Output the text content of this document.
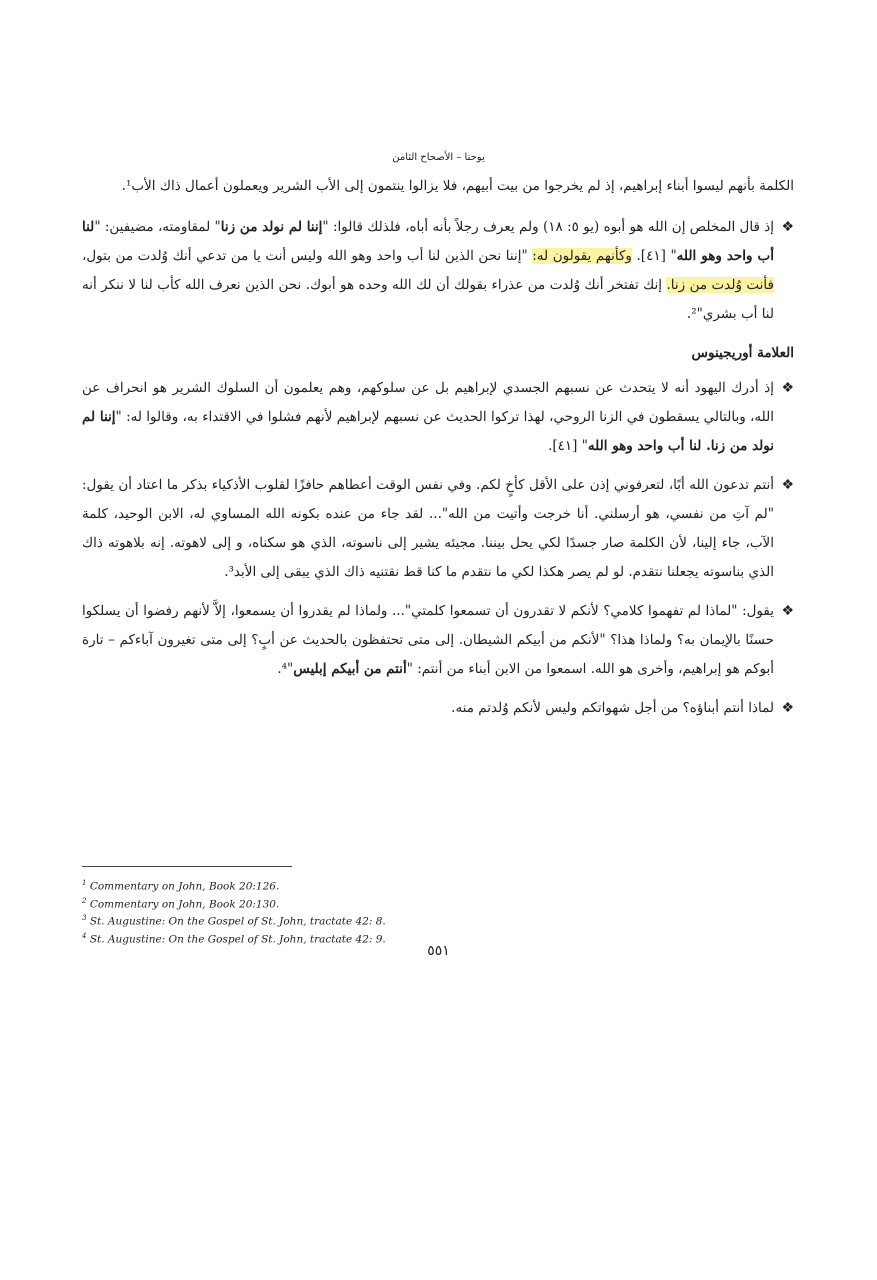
يوحنا – الأصحاح الثامن

الكلمة بأنهم ليسوا أبناء إبراهيم، إذ لم يخرجوا من بيت أبيهم، فلا يزالوا ينتمون إلى الأب الشرير ويعملون أعمال ذاك الأب¹.

❖
إذ قال المخلص إن الله هو أبوه (يو ٥: ١٨) ولم يعرف رجلاً بأنه أباه، فلذلك قالوا: "إننا لم نولد من زنا" لمقاومته، مضيفين: "لنا أب واحد وهو الله" [٤١]. وكأنهم يقولون له: "إننا نحن الذين لنا أب واحد وهو الله وليس أنت يا من تدعي أنك وُلدت من بتول، فأنت وُلدت من زنا. إنك تفتخر أنك وُلدت من عذراء بقولك أن لك الله وحده هو أبوك. نحن الذين نعرف الله كأب لنا لا ننكر أنه لنا أب بشري"².
العلامة أوريجينوس
❖
إذ أدرك اليهود أنه لا يتحدث عن نسبهم الجسدي لإبراهيم بل عن سلوكهم، وهم يعلمون أن السلوك الشرير هو انحراف عن الله، وبالتالي يسقطون في الزنا الروحي، لهذا تركوا الحديث عن نسبهم لإبراهيم لأنهم فشلوا في الاقتداء به، وقالوا له: "إننا لم نولد من زنا. لنا أب واحد وهو الله" [٤١].
❖
أنتم تدعون الله أبًا، لتعرفوني إذن على الأقل كأخٍ لكم. وفي نفس الوقت أعطاهم حافزًا لقلوب الأذكياء بذكر ما اعتاد أن يقول: "لم آتِ من نفسي، هو أرسلني. أنا خرجت وأتيت من الله"... لقد جاء من عنده بكونه الله المساوي له، الابن الوحيد، كلمة الآب، جاء إلينا، لأن الكلمة صار جسدًا لكي يحل بيننا. مجيئه يشير إلى ناسوته، الذي هو سكناه، و إلى لاهوته. إنه بلاهوته ذاك الذي بناسوته يجعلنا نتقدم. لو لم يصر هكذا لكي ما نتقدم ما كنا قط نقتنيه ذاك الذي يبقى إلى الأبد³.
❖
يقول: "لماذا لم تفهموا كلامي؟ لأنكم لا تقدرون أن تسمعوا كلمتي"... ولماذا لم يقدروا أن يسمعوا، إلاَّ لأنهم رفضوا أن يسلكوا حسنًا بالإيمان به؟ ولماذا هذا؟ "لأنكم من أبيكم الشيطان. إلى متى تحتفظون بالحديث عن أبٍ؟ إلى متى تغيرون آباءكم – تارة أبوكم هو إبراهيم، وأخرى هو الله. اسمعوا من الابن أبناء من أنتم: "أنتم من أبيكم إبليس"⁴.
❖
لماذا أنتم أبناؤه؟ من أجل شهواتكم وليس لأنكم وُلدتم منه.
$^1$ Commentary on John, Book 20:126.
$^2$ Commentary on John, Book 20:130.
$^3$ St. Augustine: On the Gospel of St. John, tractate 42: 8.
$^4$ St. Augustine: On the Gospel of St. John, tractate 42: 9.
٥٥١
